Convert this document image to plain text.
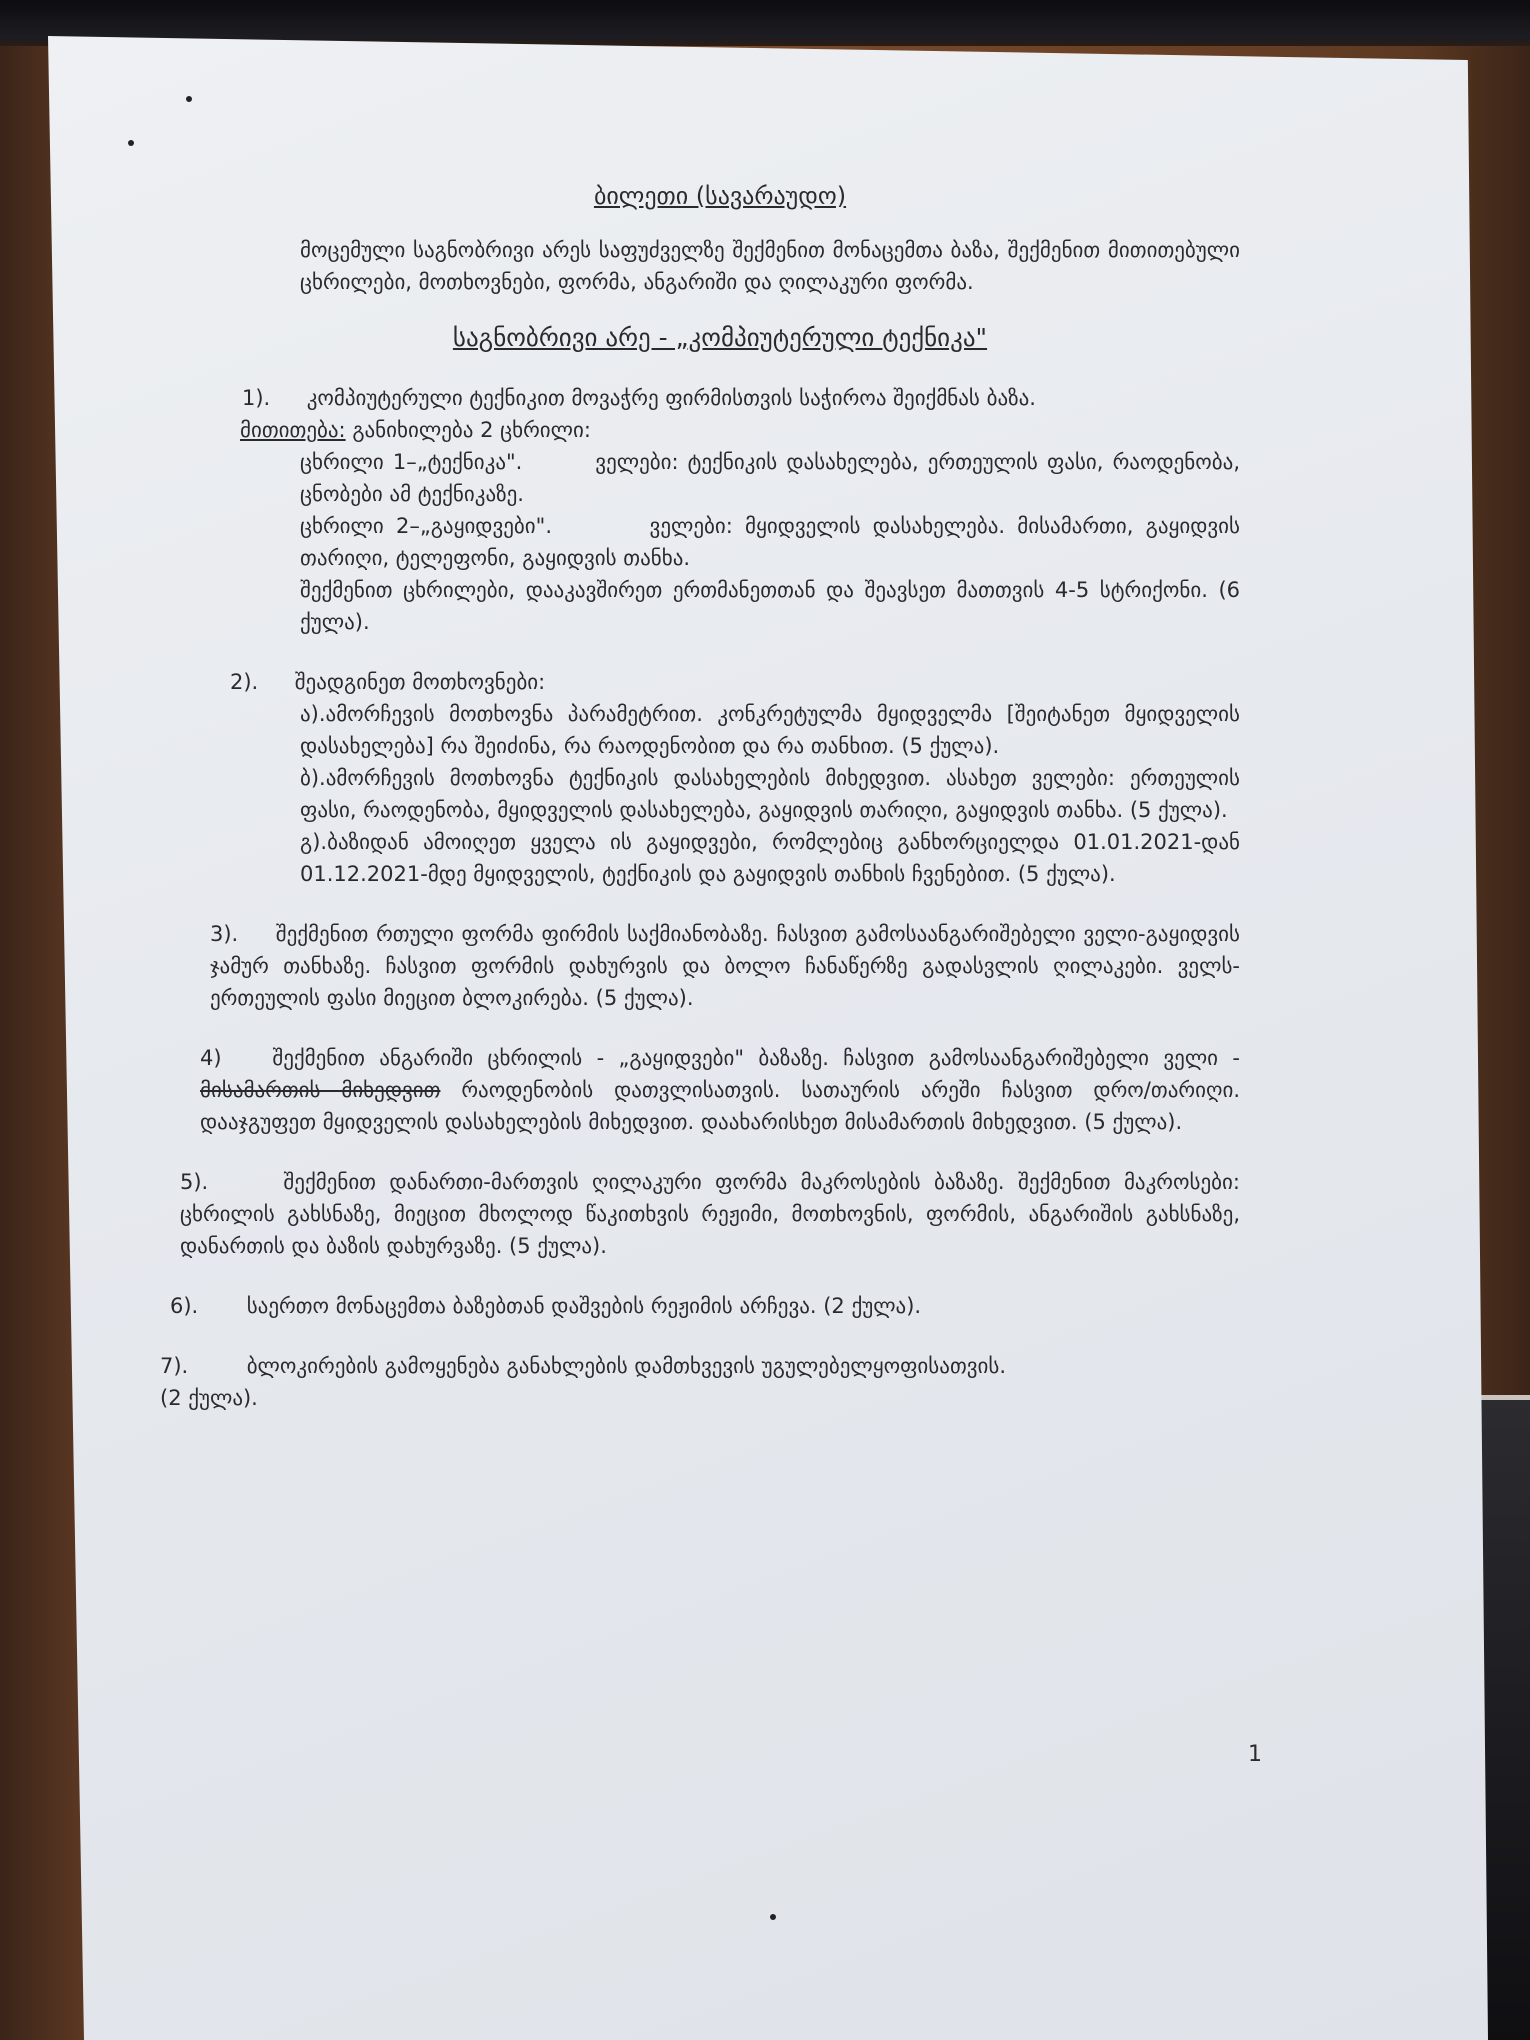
ბილეთი (სავარაუდო)
მოცემული საგნობრივი არეს საფუძველზე შექმენით მონაცემთა ბაზა, შექმენით მითითებული ცხრილები, მოთხოვნები, ფორმა, ანგარიში და ღილაკური ფორმა.
საგნობრივი არე - „კომპიუტერული ტექნიკა"
1). კომპიუტერული ტექნიკით მოვაჭრე ფირმისთვის საჭიროა შეიქმნას ბაზა.
მითითება: განიხილება 2 ცხრილი:
ცხრილი 1–„ტექნიკა".	ველები: ტექნიკის დასახელება, ერთეულის ფასი, რაოდენობა, ცნობები ამ ტექნიკაზე.
ცხრილი 2–„გაყიდვები".	ველები: მყიდველის დასახელება. მისამართი, გაყიდვის თარიღი, ტელეფონი, გაყიდვის თანხა.
შექმენით ცხრილები, დააკავშირეთ ერთმანეთთან და შეავსეთ მათთვის 4-5 სტრიქონი. (6 ქულა).
2). შეადგინეთ მოთხოვნები:
ა).ამორჩევის მოთხოვნა პარამეტრით. კონკრეტულმა მყიდველმა [შეიტანეთ მყიდველის დასახელება] რა შეიძინა, რა რაოდენობით და რა თანხით. (5 ქულა).
ბ).ამორჩევის მოთხოვნა ტექნიკის დასახელების მიხედვით. ასახეთ ველები: ერთეულის ფასი, რაოდენობა, მყიდველის დასახელება, გაყიდვის თარიღი, გაყიდვის თანხა. (5 ქულა).
გ).ბაზიდან ამოიღეთ ყველა ის გაყიდვები, რომლებიც განხორციელდა 01.01.2021-დან 01.12.2021-მდე მყიდველის, ტექნიკის და გაყიდვის თანხის ჩვენებით. (5 ქულა).
3). შექმენით რთული ფორმა ფირმის საქმიანობაზე. ჩასვით გამოსაანგარიშებელი ველი-გაყიდვის ჯამურ თანხაზე. ჩასვით ფორმის დახურვის და ბოლო ჩანაწერზე გადასვლის ღილაკები. ველს-ერთეულის ფასი მიეცით ბლოკირება. (5 ქულა).
4) შექმენით ანგარიში ცხრილის - „გაყიდვები" ბაზაზე. ჩასვით გამოსაანგარიშებელი ველი - მისამართის მიხედვით რაოდენობის დათვლისათვის. სათაურის არეში ჩასვით დრო/თარიღი. დააჯგუფეთ მყიდველის დასახელების მიხედვით. დაახარისხეთ მისამართის მიხედვით. (5 ქულა).
5).	შექმენით დანართი-მართვის ღილაკური ფორმა მაკროსების ბაზაზე. შექმენით მაკროსები: ცხრილის გახსნაზე, მიეცით მხოლოდ წაკითხვის რეჟიმი, მოთხოვნის, ფორმის, ანგარიშის გახსნაზე, დანართის და ბაზის დახურვაზე. (5 ქულა).
6). საერთო მონაცემთა ბაზებთან დაშვების რეჟიმის არჩევა. (2 ქულა).
7).	ბლოკირების გამოყენება განახლების დამთხვევის უგულებელყოფისათვის.
(2 ქულა).
1
